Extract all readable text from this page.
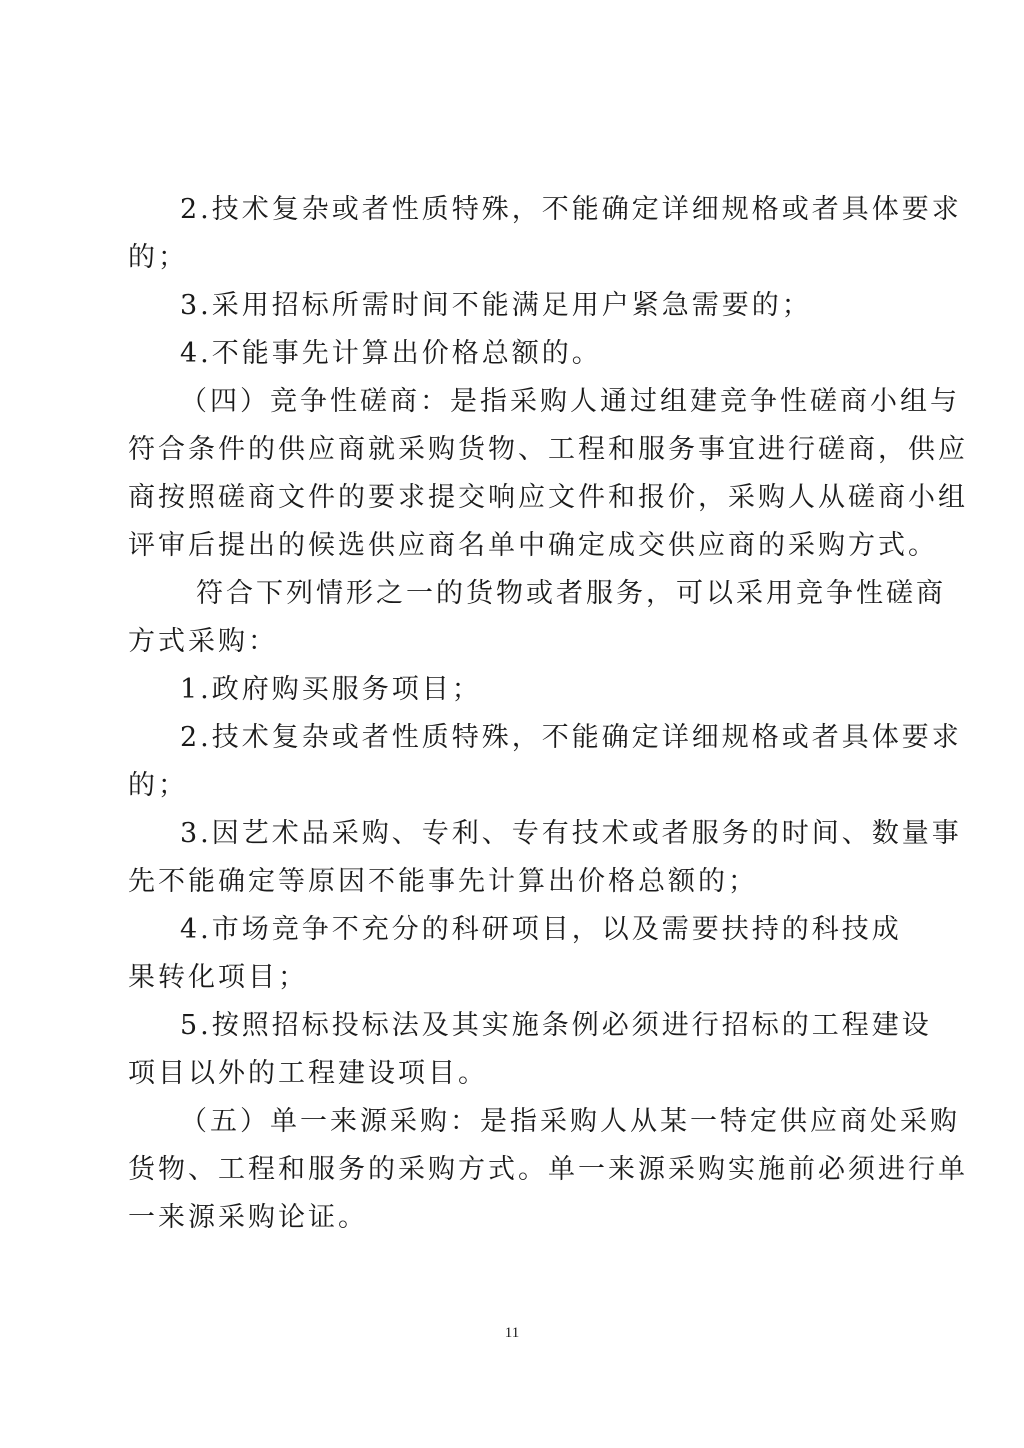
2.技术复杂或者性质特殊，不能确定详细规格或者具体要求
的；
3.采用招标所需时间不能满足用户紧急需要的；
4.不能事先计算出价格总额的。
（四）竞争性磋商：是指采购人通过组建竞争性磋商小组与
符合条件的供应商就采购货物、工程和服务事宜进行磋商，供应
商按照磋商文件的要求提交响应文件和报价，采购人从磋商小组
评审后提出的候选供应商名单中确定成交供应商的采购方式。
符合下列情形之一的货物或者服务，可以采用竞争性磋商
方式采购：
1.政府购买服务项目；
2.技术复杂或者性质特殊，不能确定详细规格或者具体要求
的；
3.因艺术品采购、专利、专有技术或者服务的时间、数量事
先不能确定等原因不能事先计算出价格总额的；
4.市场竞争不充分的科研项目，以及需要扶持的科技成
果转化项目；
5.按照招标投标法及其实施条例必须进行招标的工程建设
项目以外的工程建设项目。
（五）单一来源采购：是指采购人从某一特定供应商处采购
货物、工程和服务的采购方式。单一来源采购实施前必须进行单
一来源采购论证。
11
